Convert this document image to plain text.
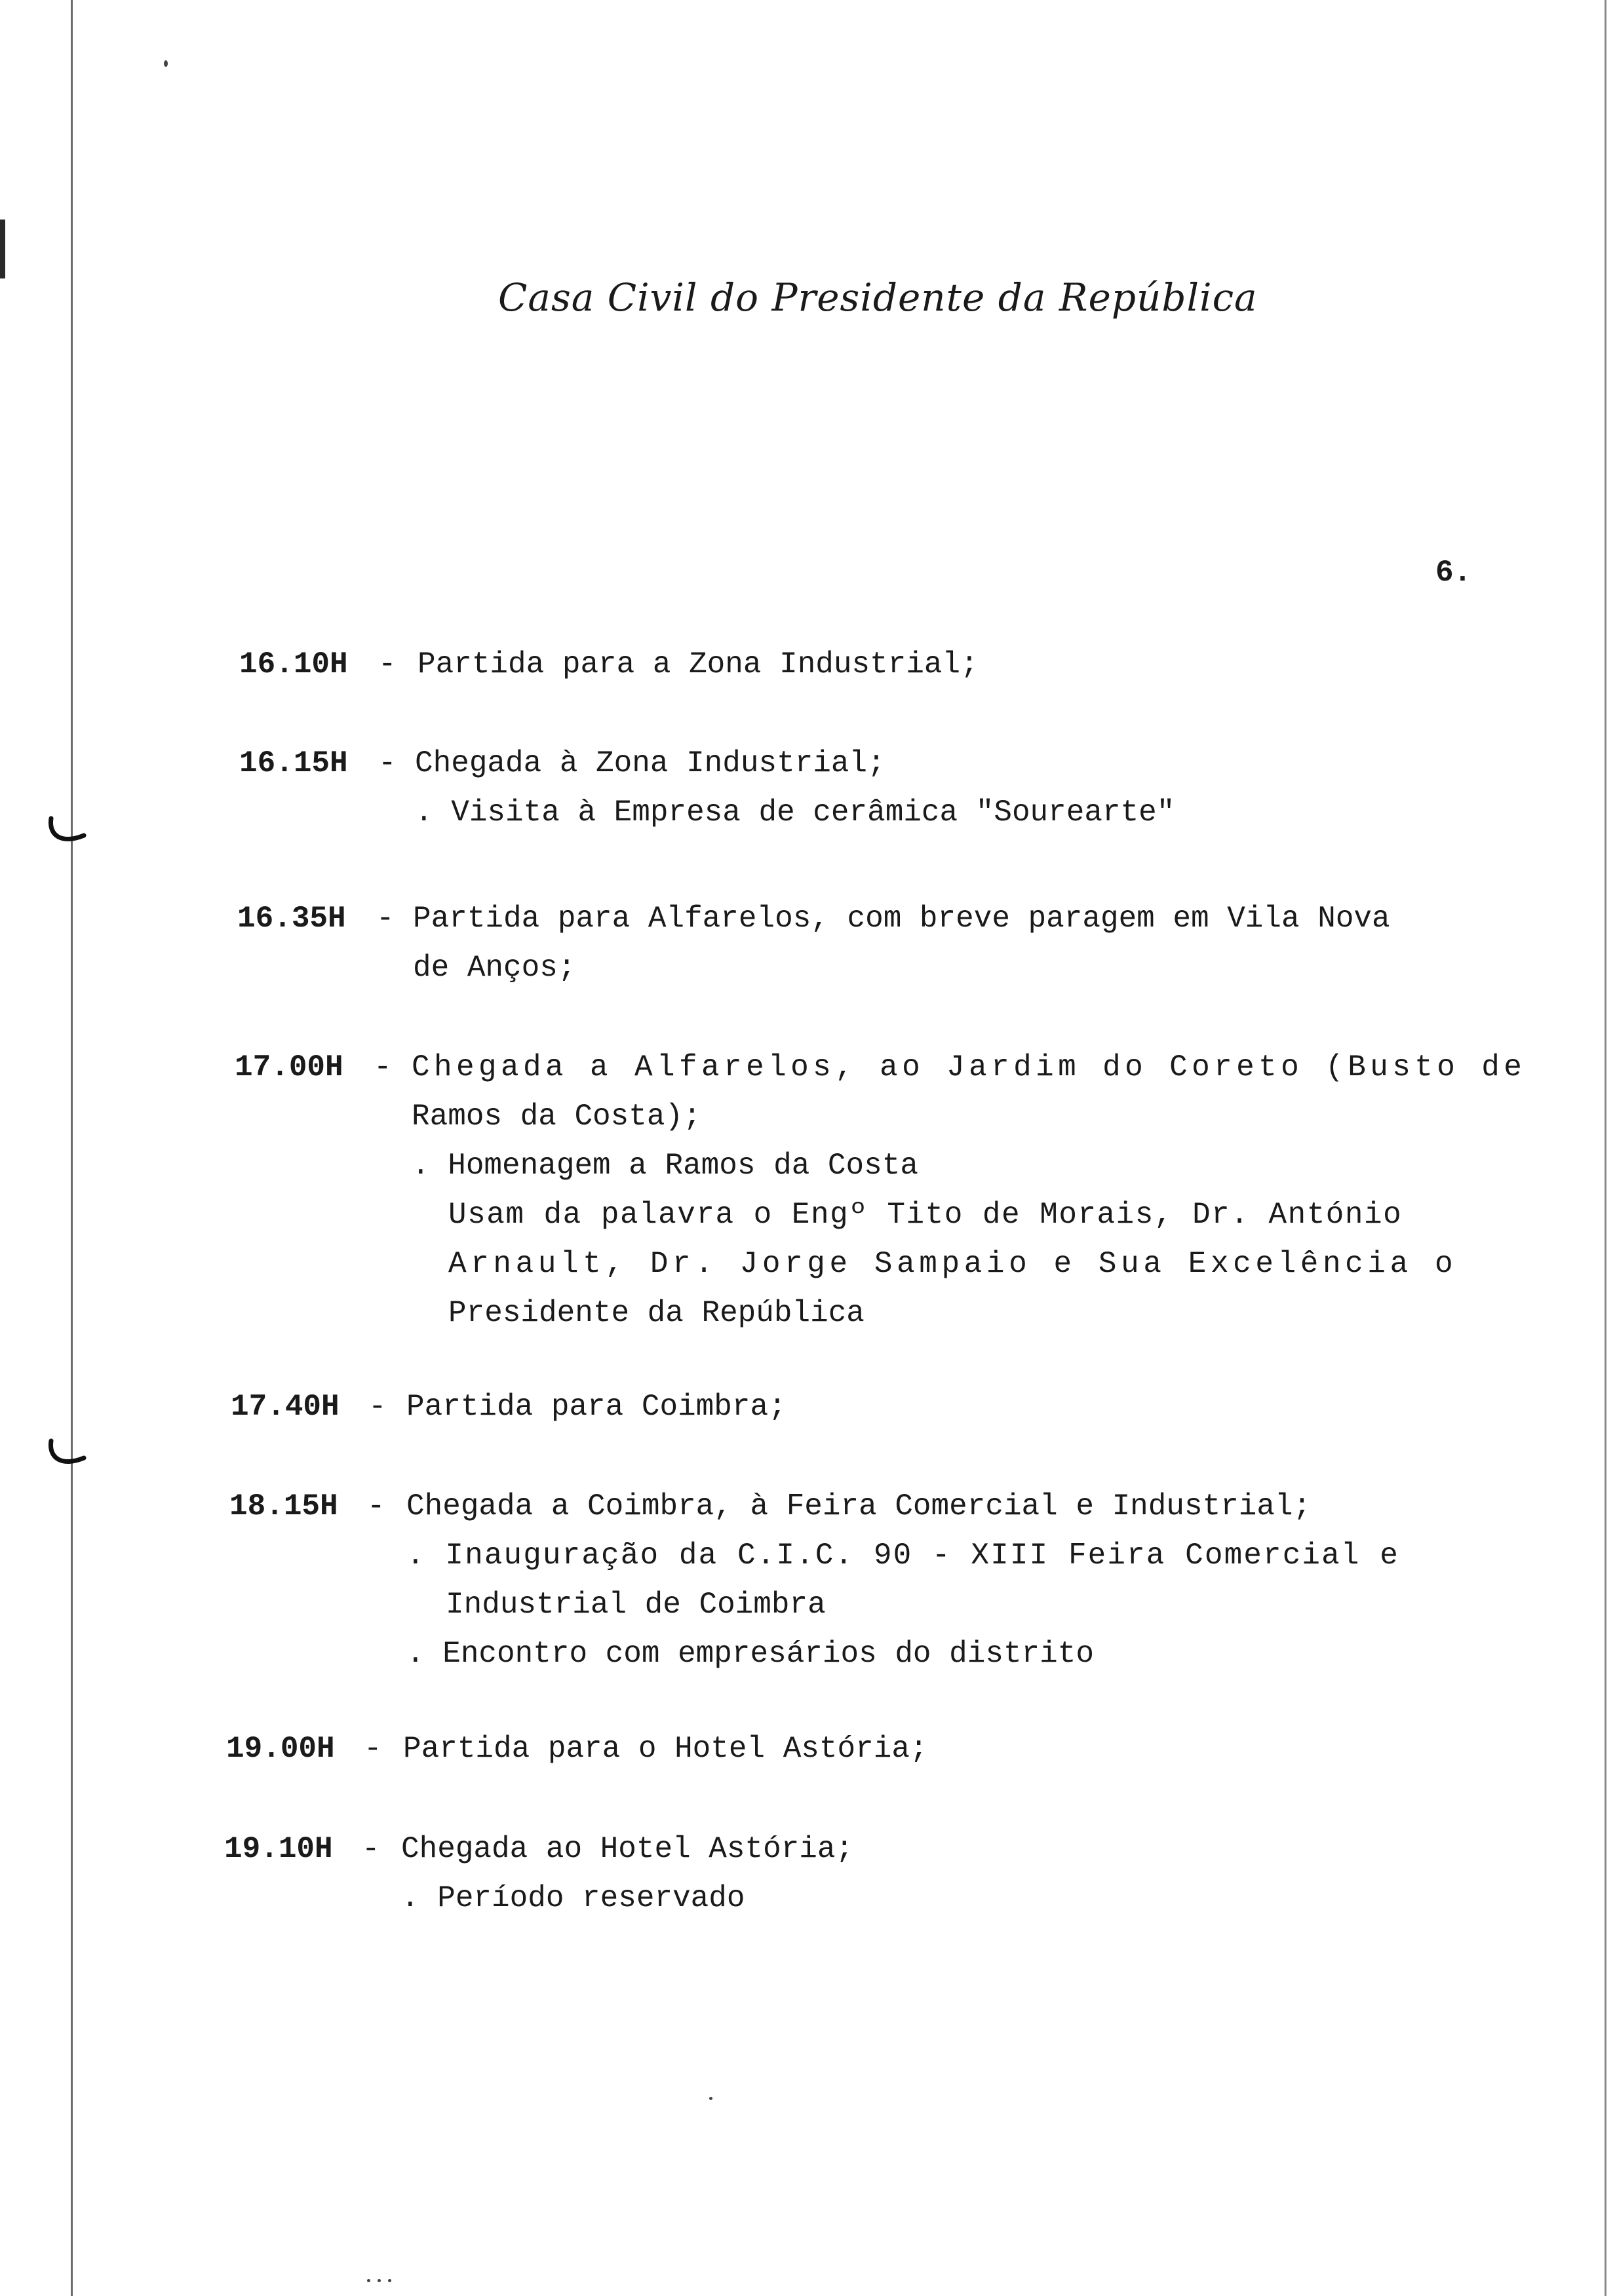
Casa Civil do Presidente da República
6.
16.10H - Partida para a Zona Industrial;
16.15H - Chegada à Zona Industrial;
. Visita à Empresa de cerâmica "Sourearte"
16.35H - Partida para Alfarelos, com breve paragem em Vila Nova
de Anços;
17.00H - Chegada a Alfarelos, ao Jardim do Coreto (Busto de
Ramos da Costa);
. Homenagem a Ramos da Costa
Usam da palavra o Engº Tito de Morais, Dr. António
Arnault, Dr. Jorge Sampaio e Sua Excelência o
Presidente da República
17.40H - Partida para Coimbra;
18.15H - Chegada a Coimbra, à Feira Comercial e Industrial;
. Inauguração da C.I.C. 90 - XIII Feira Comercial e
Industrial de Coimbra
. Encontro com empresários do distrito
19.00H - Partida para o Hotel Astória;
19.10H - Chegada ao Hotel Astória;
. Período reservado
